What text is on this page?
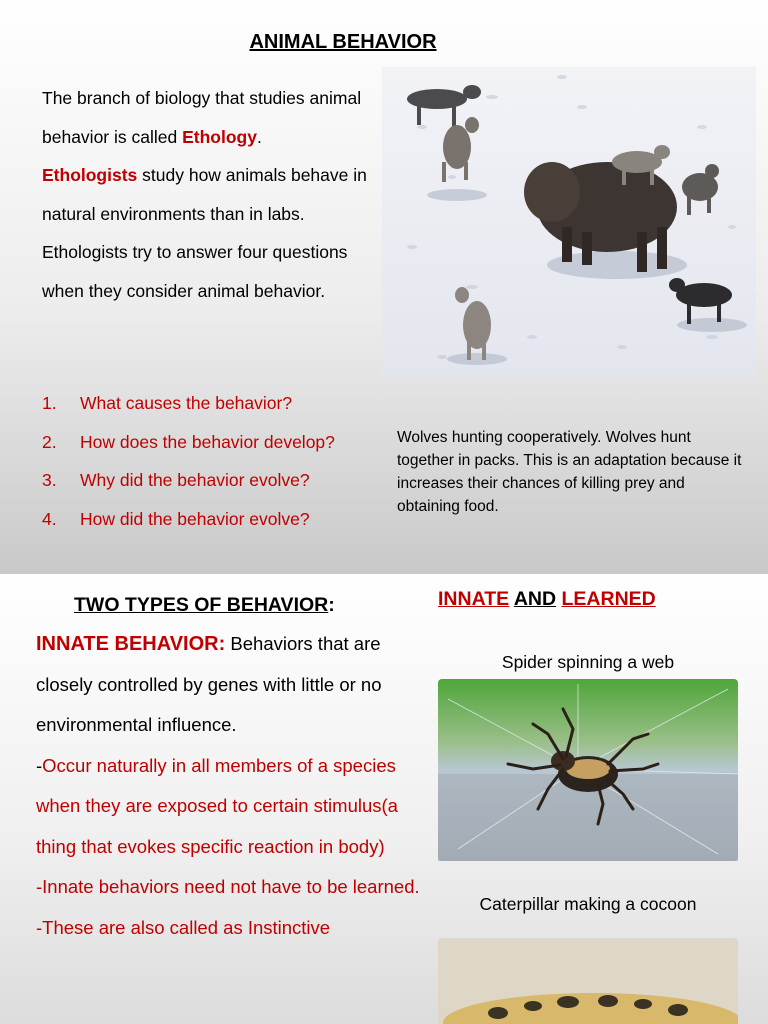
ANIMAL BEHAVIOR
The branch of biology that studies animal behavior is called Ethology.
Ethologists study how animals behave in natural environments than in labs.
Ethologists try to answer four questions when they consider animal behavior.
1.	What causes the behavior?
2.	How does the behavior develop?
3.	Why did the behavior evolve?
4.	How did the behavior evolve?
Wolves hunting cooperatively. Wolves hunt together in packs. This is an adaptation because it increases their chances of killing prey and obtaining food.
TWO TYPES OF BEHAVIOR:	INNATE AND LEARNED
INNATE BEHAVIOR: Behaviors that are closely controlled by genes with little or no environmental influence.
-Occur naturally in all members of a species when they are exposed to certain stimulus(a thing that evokes specific reaction in body)
-Innate behaviors need not have to be learned.
-These are also called as Instinctive
Spider spinning a web
Caterpillar making a cocoon
